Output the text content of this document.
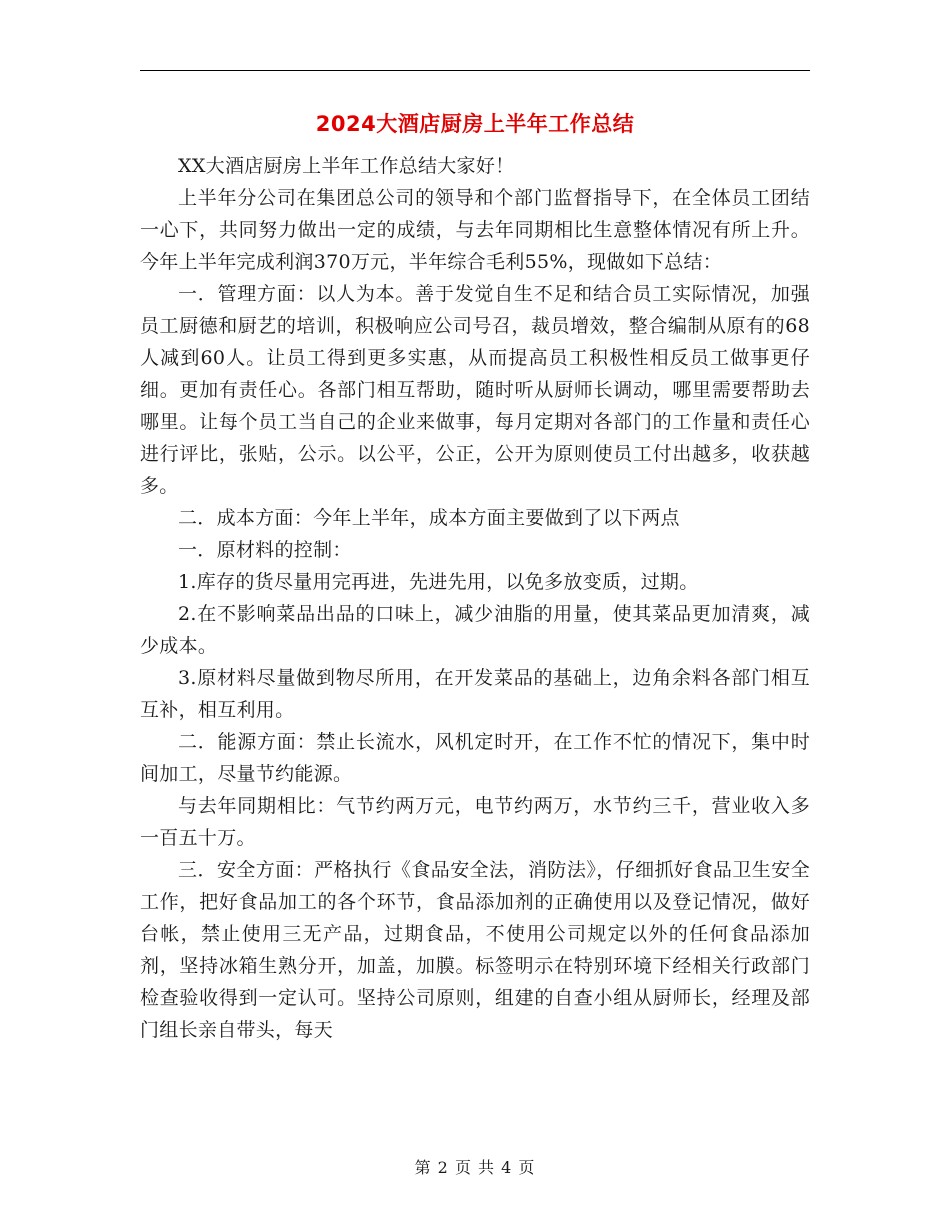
2024大酒店厨房上半年工作总结

XX大酒店厨房上半年工作总结大家好！

上半年分公司在集团总公司的领导和个部门监督指导下，在全体员工团结一心下，共同努力做出一定的成绩，与去年同期相比生意整体情况有所上升。今年上半年完成利润370万元，半年综合毛利55%，现做如下总结：

一．管理方面：以人为本。善于发觉自生不足和结合员工实际情况，加强员工厨德和厨艺的培训，积极响应公司号召，裁员增效，整合编制从原有的68人减到60人。让员工得到更多实惠，从而提高员工积极性相反员工做事更仔细。更加有责任心。各部门相互帮助，随时听从厨师长调动，哪里需要帮助去哪里。让每个员工当自己的企业来做事，每月定期对各部门的工作量和责任心进行评比，张贴，公示。以公平，公正，公开为原则使员工付出越多，收获越多。

二．成本方面：今年上半年，成本方面主要做到了以下两点

一．原材料的控制：

1.库存的货尽量用完再进，先进先用，以免多放变质，过期。

2.在不影响菜品出品的口味上，减少油脂的用量，使其菜品更加清爽，减少成本。

3.原材料尽量做到物尽所用，在开发菜品的基础上，边角余料各部门相互互补，相互利用。

二．能源方面：禁止长流水，风机定时开，在工作不忙的情况下，集中时间加工，尽量节约能源。

与去年同期相比：气节约两万元，电节约两万，水节约三千，营业收入多一百五十万。

三．安全方面：严格执行《食品安全法，消防法》，仔细抓好食品卫生安全工作，把好食品加工的各个环节，食品添加剂的正确使用以及登记情况，做好台帐，禁止使用三无产品，过期食品，不使用公司规定以外的任何食品添加剂，坚持冰箱生熟分开，加盖，加膜。标签明示在特别环境下经相关行政部门检查验收得到一定认可。坚持公司原则，组建的自查小组从厨师长，经理及部门组长亲自带头，每天

第 2 页 共 4 页
